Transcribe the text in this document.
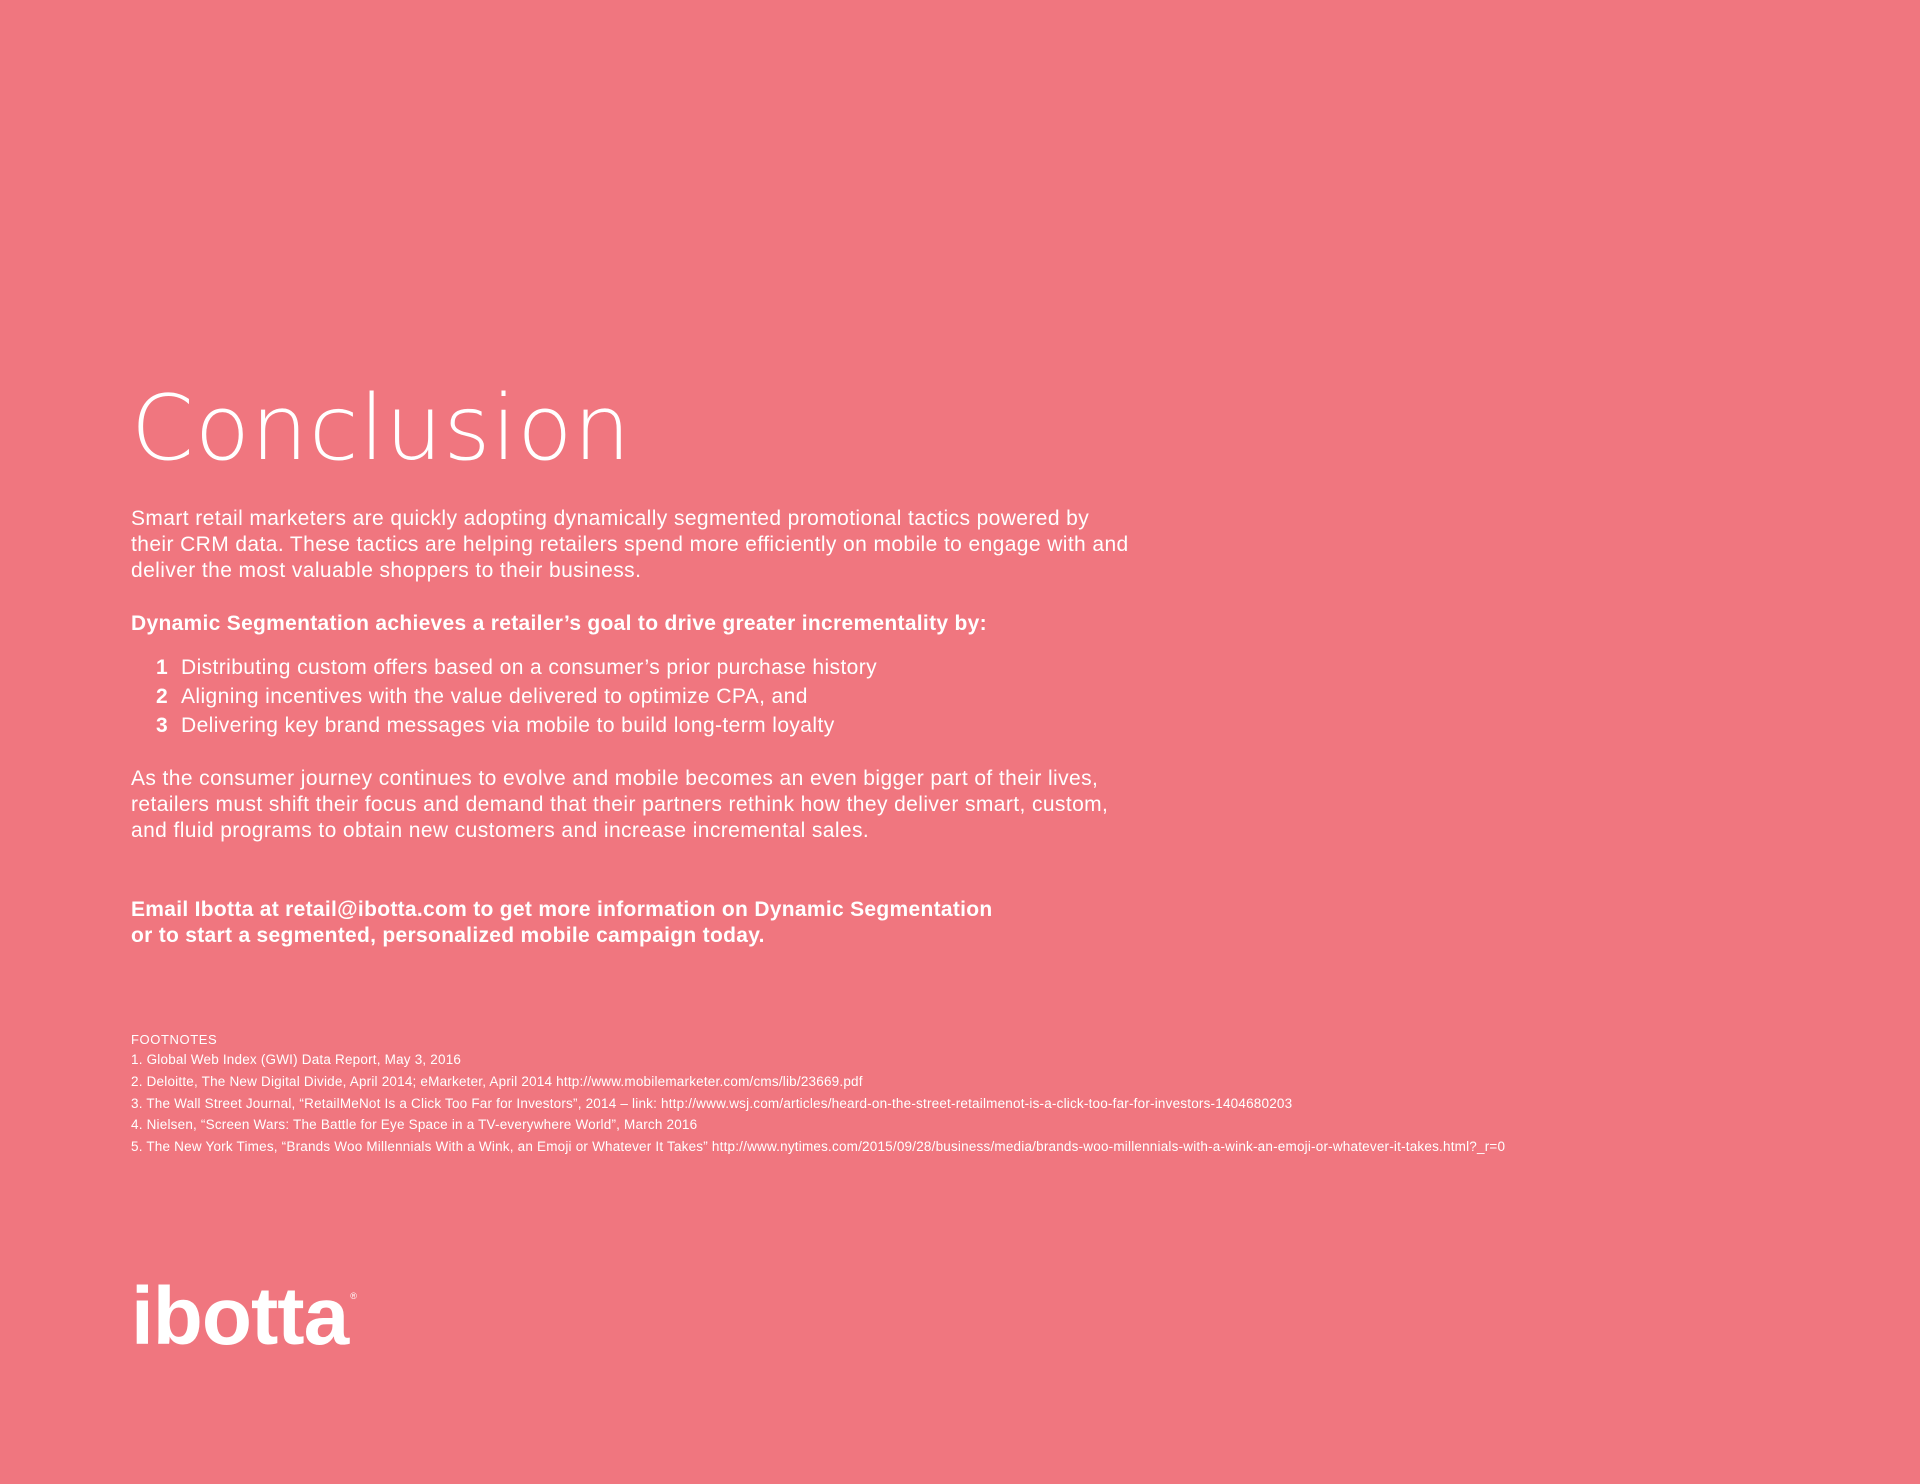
Conclusion

Smart retail marketers are quickly adopting dynamically segmented promotional tactics powered by
their CRM data. These tactics are helping retailers spend more efficiently on mobile to engage with and
deliver the most valuable shoppers to their business.

Dynamic Segmentation achieves a retailer’s goal to drive greater incrementality by:

1 Distributing custom offers based on a consumer’s prior purchase history
2 Aligning incentives with the value delivered to optimize CPA, and
3 Delivering key brand messages via mobile to build long-term loyalty

As the consumer journey continues to evolve and mobile becomes an even bigger part of their lives,
retailers must shift their focus and demand that their partners rethink how they deliver smart, custom,
and fluid programs to obtain new customers and increase incremental sales.

Email Ibotta at retail@ibotta.com to get more information on Dynamic Segmentation
or to start a segmented, personalized mobile campaign today.

FOOTNOTES
1. Global Web Index (GWI) Data Report, May 3, 2016
2. Deloitte, The New Digital Divide, April 2014; eMarketer, April 2014 http://www.mobilemarketer.com/cms/lib/23669.pdf
3. The Wall Street Journal, “RetailMeNot Is a Click Too Far for Investors”, 2014 – link: http://www.wsj.com/articles/heard-on-the-street-retailmenot-is-a-click-too-far-for-investors-1404680203
4. Nielsen, “Screen Wars: The Battle for Eye Space in a TV-everywhere World”, March 2016
5. The New York Times, “Brands Woo Millennials With a Wink, an Emoji or Whatever It Takes” http://www.nytimes.com/2015/09/28/business/media/brands-woo-millennials-with-a-wink-an-emoji-or-whatever-it-takes.html?_r=0
ibotta ®
